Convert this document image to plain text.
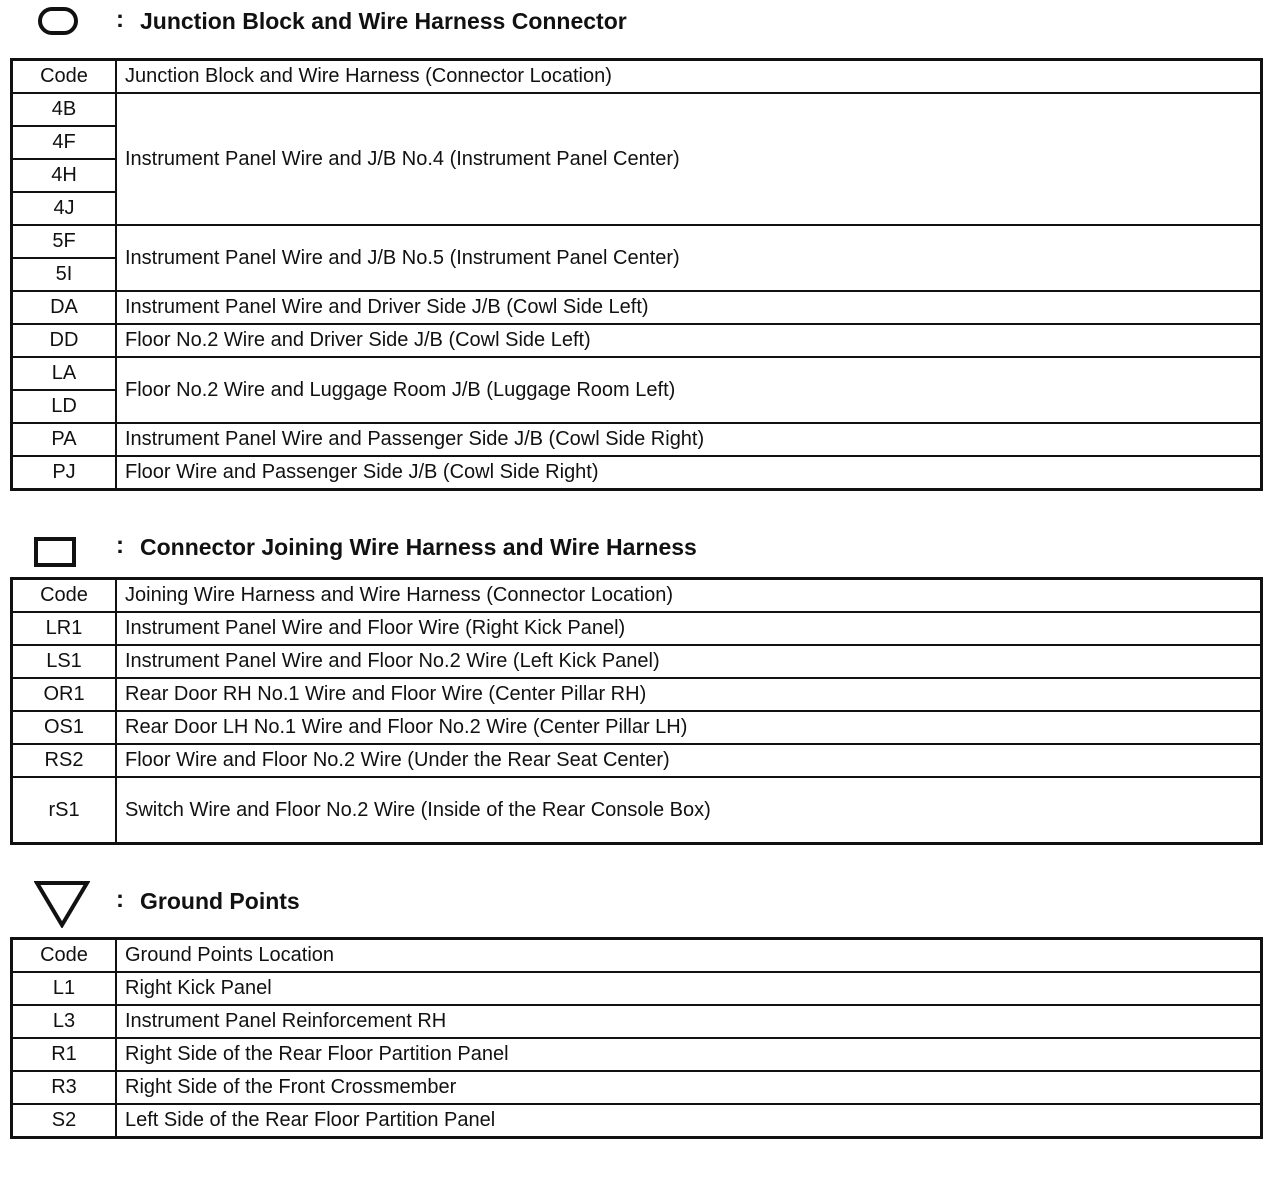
: Junction Block and Wire Harness Connector
Code	Junction Block and Wire Harness (Connector Location)
4B	Instrument Panel Wire and J/B No.4 (Instrument Panel Center)
4F	
4H	
4J	
5F	Instrument Panel Wire and J/B No.5 (Instrument Panel Center)
5I	
DA	Instrument Panel Wire and Driver Side J/B (Cowl Side Left)
DD	Floor No.2 Wire and Driver Side J/B (Cowl Side Left)
LA	Floor No.2 Wire and Luggage Room J/B (Luggage Room Left)
LD	
PA	Instrument Panel Wire and Passenger Side J/B (Cowl Side Right)
PJ	Floor Wire and Passenger Side J/B (Cowl Side Right)
: Connector Joining Wire Harness and Wire Harness
Code	Joining Wire Harness and Wire Harness (Connector Location)
LR1	Instrument Panel Wire and Floor Wire (Right Kick Panel)
LS1	Instrument Panel Wire and Floor No.2 Wire (Left Kick Panel)
OR1	Rear Door RH No.1 Wire and Floor Wire (Center Pillar RH)
OS1	Rear Door LH No.1 Wire and Floor No.2 Wire (Center Pillar LH)
RS2	Floor Wire and Floor No.2 Wire (Under the Rear Seat Center)
rS1	Switch Wire and Floor No.2 Wire (Inside of the Rear Console Box)
: Ground Points
Code	Ground Points Location
L1	Right Kick Panel
L3	Instrument Panel Reinforcement RH
R1	Right Side of the Rear Floor Partition Panel
R3	Right Side of the Front Crossmember
S2	Left Side of the Rear Floor Partition Panel
